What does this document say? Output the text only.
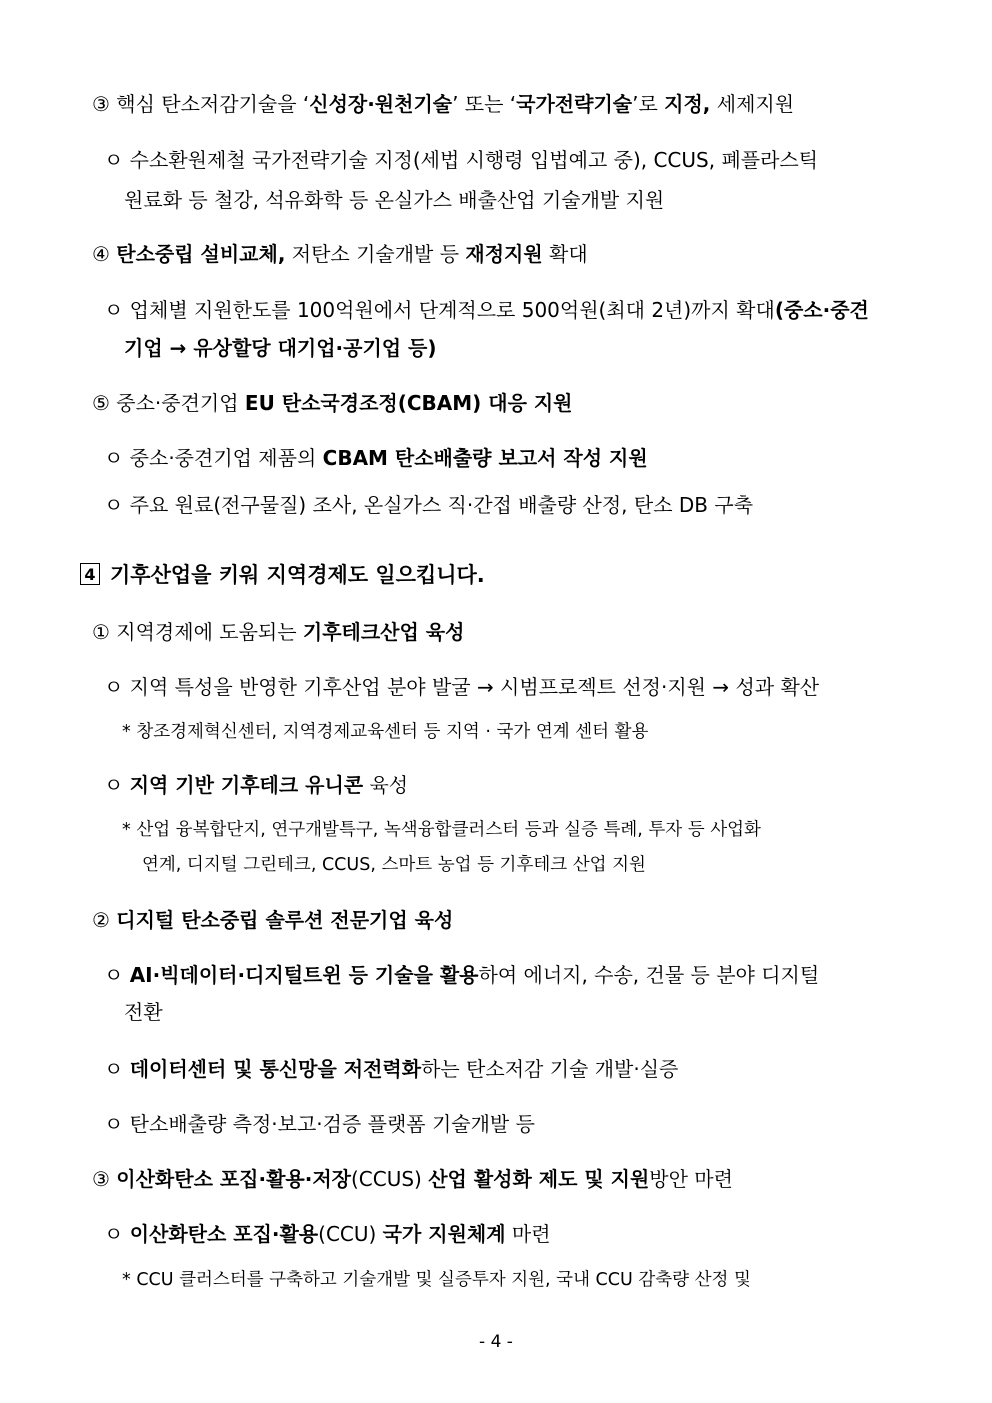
③ 핵심 탄소저감기술을 ‘신성장·원천기술’ 또는 ‘국가전략기술’로 지정, 세제지원
ㅇ 수소환원제철 국가전략기술 지정(세법 시행령 입법예고 중), CCUS, 폐플라스틱
원료화 등 철강, 석유화학 등 온실가스 배출산업 기술개발 지원
④ 탄소중립 설비교체, 저탄소 기술개발 등 재정지원 확대
ㅇ 업체별 지원한도를 100억원에서 단계적으로 500억원(최대 2년)까지 확대(중소·중견
기업 → 유상할당 대기업·공기업 등)
⑤ 중소·중견기업 EU 탄소국경조정(CBAM) 대응 지원
ㅇ 중소·중견기업 제품의 CBAM 탄소배출량 보고서 작성 지원
ㅇ 주요 원료(전구물질) 조사, 온실가스 직·간접 배출량 산정, 탄소 DB 구축
4 기후산업을 키워 지역경제도 일으킵니다.
① 지역경제에 도움되는 기후테크산업 육성
ㅇ 지역 특성을 반영한 기후산업 분야 발굴 → 시범프로젝트 선정·지원 → 성과 확산
* 창조경제혁신센터, 지역경제교육센터 등 지역 · 국가 연계 센터 활용
ㅇ 지역 기반 기후테크 유니콘 육성
* 산업 융복합단지, 연구개발특구, 녹색융합클러스터 등과 실증 특례, 투자 등 사업화
연계, 디지털 그린테크, CCUS, 스마트 농업 등 기후테크 산업 지원
② 디지털 탄소중립 솔루션 전문기업 육성
ㅇ AI·빅데이터·디지털트윈 등 기술을 활용하여 에너지, 수송, 건물 등 분야 디지털
전환
ㅇ 데이터센터 및 통신망을 저전력화하는 탄소저감 기술 개발·실증
ㅇ 탄소배출량 측정·보고·검증 플랫폼 기술개발 등
③ 이산화탄소 포집·활용·저장(CCUS) 산업 활성화 제도 및 지원방안 마련
ㅇ 이산화탄소 포집·활용(CCU) 국가 지원체계 마련
* CCU 클러스터를 구축하고 기술개발 및 실증투자 지원, 국내 CCU 감축량 산정 및
- 4 -
